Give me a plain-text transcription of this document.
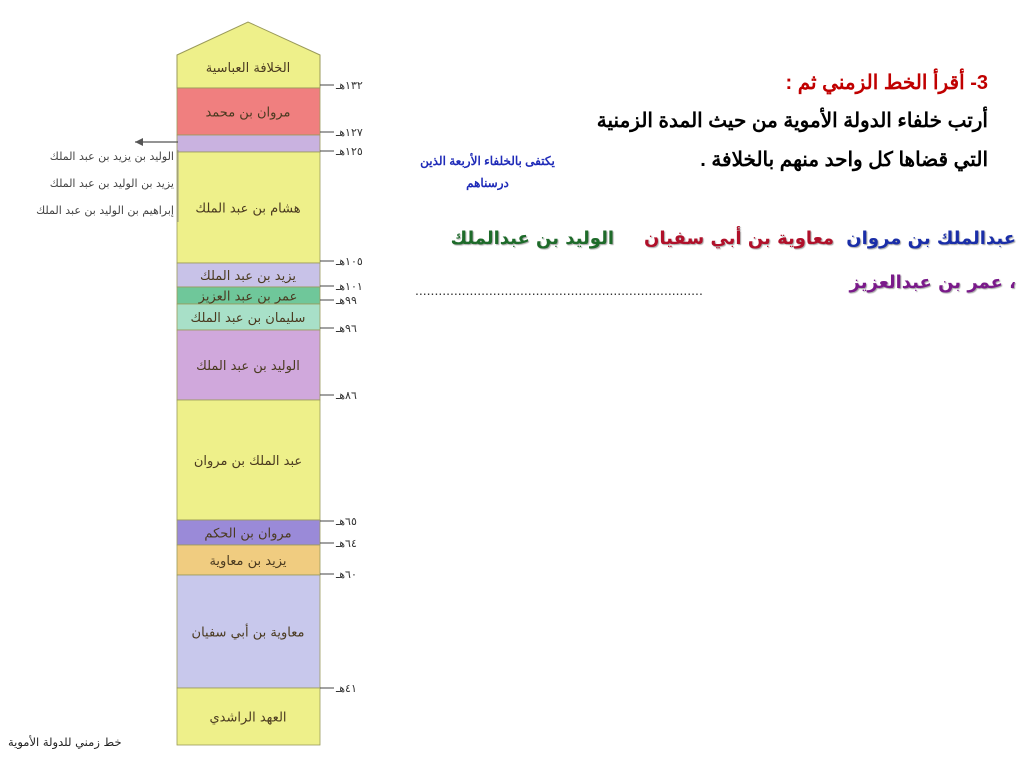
الخلافة العباسية
مروان بن محمد
هشام بن عبد الملك
يزيد بن عبد الملك
عمر بن عبد العزيز
سليمان بن عبد الملك
الوليد بن عبد الملك
عبد الملك بن مروان
مروان بن الحكم
يزيد بن معاوية
معاوية بن أبي سفيان
العهد الراشدي
١٣٢هـ
١٢٧هـ
١٢٥هـ
١٠٥هـ
١٠١هـ
٩٩هـ
٩٦هـ
٨٦هـ
٦٥هـ
٦٤هـ
٦٠هـ
٤١هـ
الوليد بن يزيد بن عبد الملك
يزيد بن الوليد بن عبد الملك
إبراهيم بن الوليد بن عبد الملك
خط زمني للدولة الأموية
3- أقرأ الخط الزمني ثم :
أرتب خلفاء الدولة الأموية من حيث المدة الزمنية
التي قضاها كل واحد منهم بالخلافة .
يكتفى بالخلفاء الأربعة الذين درسناهم
عبدالملك بن مروان
معاوية بن أبي سفيان
الوليد بن عبدالملك
، عمر بن عبدالعزيز
..........................................................................
